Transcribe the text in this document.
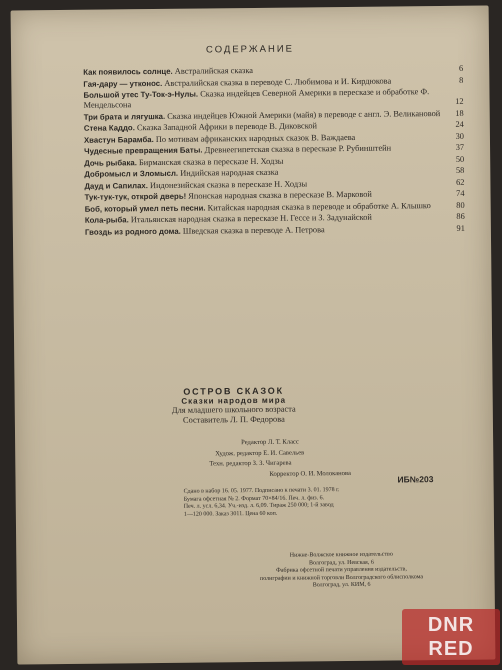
СОДЕРЖАНИЕ
Как появилось солнце. Австралийская сказка	6
Гая-дару — утконос. Австралийская сказка в переводе С. Любимова и И. Кирдюкова	8
Большой утес Ту-Ток-э-Нулы. Сказка индейцев Северной Америки в пересказе и обработке Ф. Мендельсона	12
Три брата и лягушка. Сказка индейцев Южной Америки (майя) в переводе с англ. Э. Великановой 18
Стена Каддо. Сказка Западной Африки в переводе В. Диковской	24
Хвастун Барамба. По мотивам африканских народных сказок В. Важдаева	30
Чудесные превращения Баты. Древнеегипетская сказка в пересказе Р. Рубинштейн	37
Дочь рыбака. Бирманская сказка в пересказе Н. Ходзы	50
Добромысл и Зломысл. Индийская народная сказка	58
Дауд и Сапилах. Индонезийская сказка в пересказе Н. Ходзы	62
Тук-тук-тук, открой дверь! Японская народная сказка в пересказе В. Марковой	74
Боб, который умел петь песни. Китайская народная сказка в переводе и обработке А. Клышко	80
Кола-рыба. Итальянская народная сказка в пересказе Н. Гессе и З. Задунайской	86
Гвоздь из родного дома. Шведская сказка в переводе А. Петрова	91
ОСТРОВ СКАЗОК
Сказки народов мира
Для младшего школьного возраста
Составитель Л. П. Федорова
Редактор Л. Т. Класс
Худож. редактор Е. И. Савельев
Техн. редактор З. З. Чигарева
Корректор О. И. Молоканова
ИБ№203
Сдано в набор 16. 05. 1977. Подписано к печати 3. 01. 1978 г.
Бумага офсетная № 2. Формат 70×84/16. Печ. л. физ. 6.
Печ. л. усл. 6,34. Уч.-изд. л. 6,09. Тираж 250 000; 1-й завод
1—120 000. Заказ 3011. Цена 60 коп.
Нижне-Волжское книжное издательство
Волгоград, ул. Невская, 6
Фабрика офсетной печати управления издательств,
полиграфии и книжной торговли Волгоградского облисполкома
Волгоград, ул. КИМ, 6
DNR
RED
